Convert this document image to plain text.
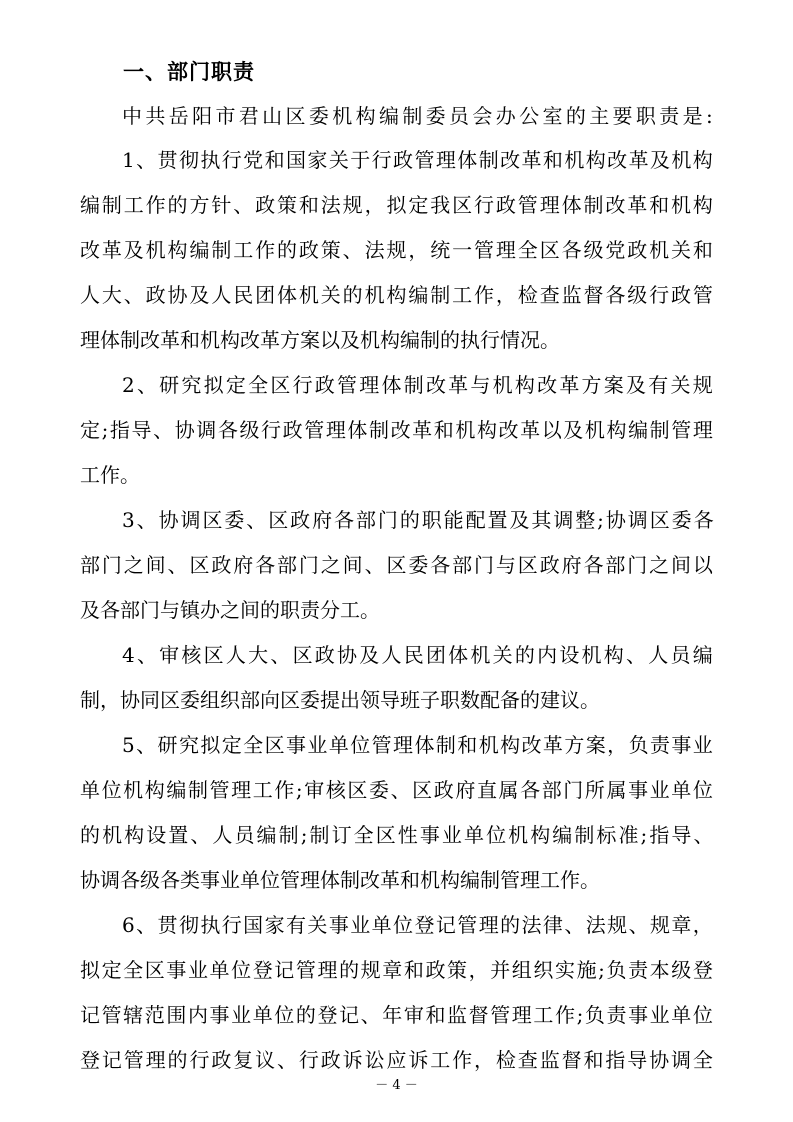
一、部门职责
中共岳阳市君山区委机构编制委员会办公室的主要职责是:
1、贯彻执行党和国家关于行政管理体制改革和机构改革及机构
编制工作的方针、政策和法规，拟定我区行政管理体制改革和机构
改革及机构编制工作的政策、法规，统一管理全区各级党政机关和
人大、政协及人民团体机关的机构编制工作，检查监督各级行政管
理体制改革和机构改革方案以及机构编制的执行情况。
2、研究拟定全区行政管理体制改革与机构改革方案及有关规
定;指导、协调各级行政管理体制改革和机构改革以及机构编制管理
工作。
3、协调区委、区政府各部门的职能配置及其调整;协调区委各
部门之间、区政府各部门之间、区委各部门与区政府各部门之间以
及各部门与镇办之间的职责分工。
4、审核区人大、区政协及人民团体机关的内设机构、人员编
制，协同区委组织部向区委提出领导班子职数配备的建议。
5、研究拟定全区事业单位管理体制和机构改革方案，负责事业
单位机构编制管理工作;审核区委、区政府直属各部门所属事业单位
的机构设置、人员编制;制订全区性事业单位机构编制标准;指导、
协调各级各类事业单位管理体制改革和机构编制管理工作。
6、贯彻执行国家有关事业单位登记管理的法律、法规、规章，
拟定全区事业单位登记管理的规章和政策，并组织实施;负责本级登
记管辖范围内事业单位的登记、年审和监督管理工作;负责事业单位
登记管理的行政复议、行政诉讼应诉工作，检查监督和指导协调全
－ 4 －
